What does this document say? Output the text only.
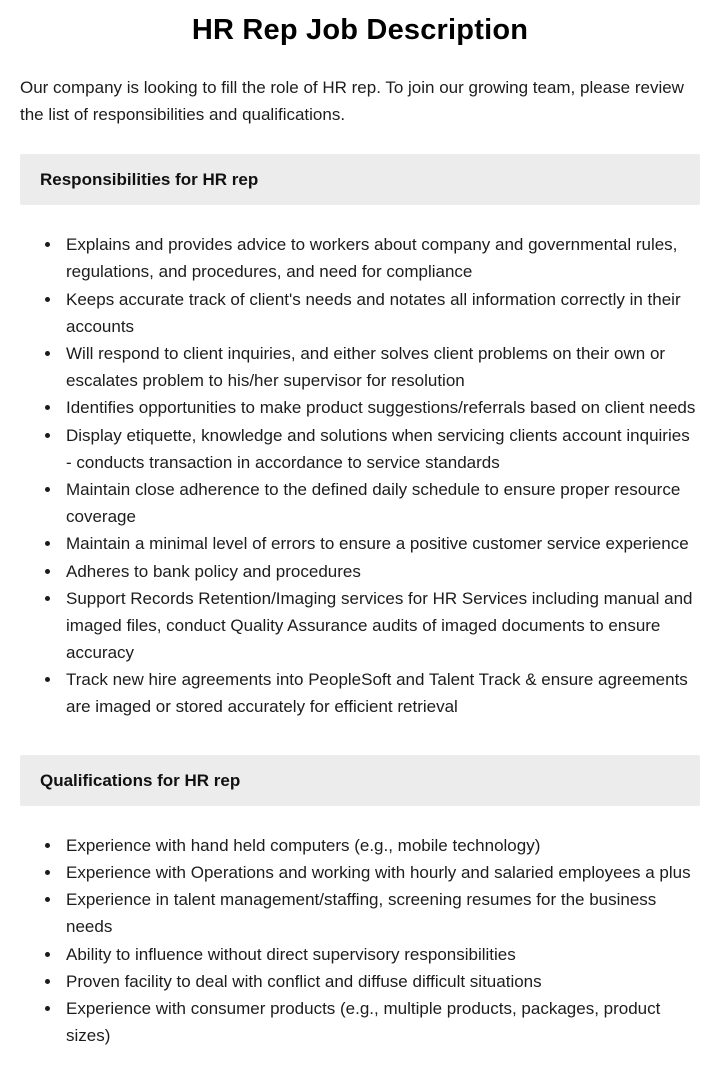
HR Rep Job Description

Our company is looking to fill the role of HR rep. To join our growing team, please review the list of responsibilities and qualifications.

Responsibilities for HR rep
• Explains and provides advice to workers about company and governmental rules, regulations, and procedures, and need for compliance
• Keeps accurate track of client's needs and notates all information correctly in their accounts
• Will respond to client inquiries, and either solves client problems on their own or escalates problem to his/her supervisor for resolution
• Identifies opportunities to make product suggestions/referrals based on client needs
• Display etiquette, knowledge and solutions when servicing clients account inquiries - conducts transaction in accordance to service standards
• Maintain close adherence to the defined daily schedule to ensure proper resource coverage
• Maintain a minimal level of errors to ensure a positive customer service experience
• Adheres to bank policy and procedures
• Support Records Retention/Imaging services for HR Services including manual and imaged files, conduct Quality Assurance audits of imaged documents to ensure accuracy
• Track new hire agreements into PeopleSoft and Talent Track & ensure agreements are imaged or stored accurately for efficient retrieval
Qualifications for HR rep
• Experience with hand held computers (e.g., mobile technology)
• Experience with Operations and working with hourly and salaried employees a plus
• Experience in talent management/staffing, screening resumes for the business needs
• Ability to influence without direct supervisory responsibilities
• Proven facility to deal with conflict and diffuse difficult situations
• Experience with consumer products (e.g., multiple products, packages, product sizes)
